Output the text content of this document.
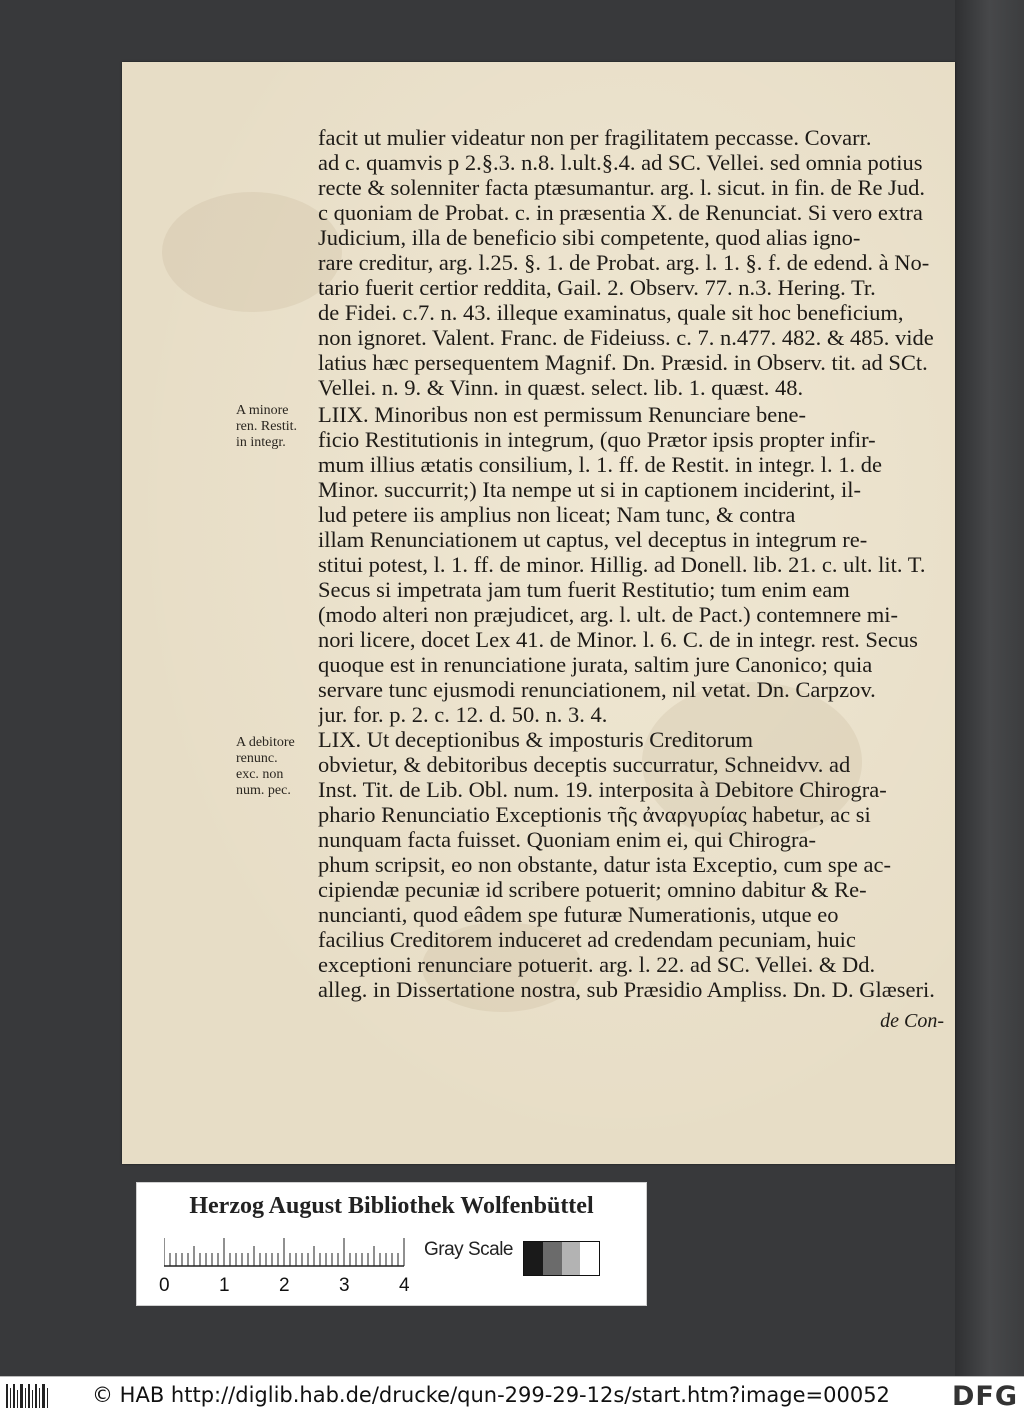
facit ut mulier videatur non per fragilitatem peccasse. Covarr.
ad c. quamvis p 2.§.3. n.8. l.ult.§.4. ad SC. Vellei. sed omnia potius
recte & solenniter facta ptæsumantur. arg. l. sicut. in fin. de Re Jud.
c quoniam de Probat. c. in præsentia X. de Renunciat. Si vero extra
Judicium, illa de beneficio sibi competente, quod alias igno-
rare creditur, arg. l.25. §. 1. de Probat. arg. l. 1. §. f. de edend. à No-
tario fuerit certior reddita, Gail. 2. Observ. 77. n.3. Hering. Tr.
de Fidei. c.7. n. 43. illeque examinatus, quale sit hoc beneficium,
non ignoret. Valent. Franc. de Fideiuss. c. 7. n.477. 482. & 485. vide
latius hæc persequentem Magnif. Dn. Præsid. in Observ. tit. ad SCt.
Vellei. n. 9. & Vinn. in quæst. select. lib. 1. quæst. 48.
A minore
ren. Restit.
in integr.
LIIX. Minoribus non est permissum Renunciare bene-
ficio Restitutionis in integrum, (quo Prætor ipsis propter infir-
mum illius ætatis consilium, l. 1. ff. de Restit. in integr. l. 1. de
Minor. succurrit;) Ita nempe ut si in captionem inciderint, il-
lud petere iis amplius non liceat; Nam tunc, & contra
illam Renunciationem ut captus, vel deceptus in integrum re-
stitui potest, l. 1. ff. de minor. Hillig. ad Donell. lib. 21. c. ult. lit. T.
Secus si impetrata jam tum fuerit Restitutio; tum enim eam
(modo alteri non præjudicet, arg. l. ult. de Pact.) contemnere mi-
nori licere, docet Lex 41. de Minor. l. 6. C. de in integr. rest. Secus
quoque est in renunciatione jurata, saltim jure Canonico; quia
servare tunc ejusmodi renunciationem, nil vetat. Dn. Carpzov.
jur. for. p. 2. c. 12. d. 50. n. 3. 4.
A debitore
renunc.
exc. non
num. pec.
LIX. Ut deceptionibus & imposturis Creditorum
obvietur, & debitoribus deceptis succurratur, Schneidvv. ad
Inst. Tit. de Lib. Obl. num. 19. interposita à Debitore Chirogra-
phario Renunciatio Exceptionis τῆς ἀναργυρίας habetur, ac si
nunquam facta fuisset. Quoniam enim ei, qui Chirogra-
phum scripsit, eo non obstante, datur ista Exceptio, cum spe ac-
cipiendæ pecuniæ id scribere potuerit; omnino dabitur & Re-
nuncianti, quod eâdem spe futuræ Numerationis, utque eo
facilius Creditorem induceret ad credendam pecuniam, huic
exceptioni renunciare potuerit. arg. l. 22. ad SC. Vellei. & Dd.
alleg. in Dissertatione nostra, sub Præsidio Ampliss. Dn. D. Glæseri.
de Con-
Herzog August Bibliothek Wolfenbüttel
0	1	2	3	4
Gray Scale
© HAB http://diglib.hab.de/drucke/qun-299-29-12s/start.htm?image=00052 DFG
